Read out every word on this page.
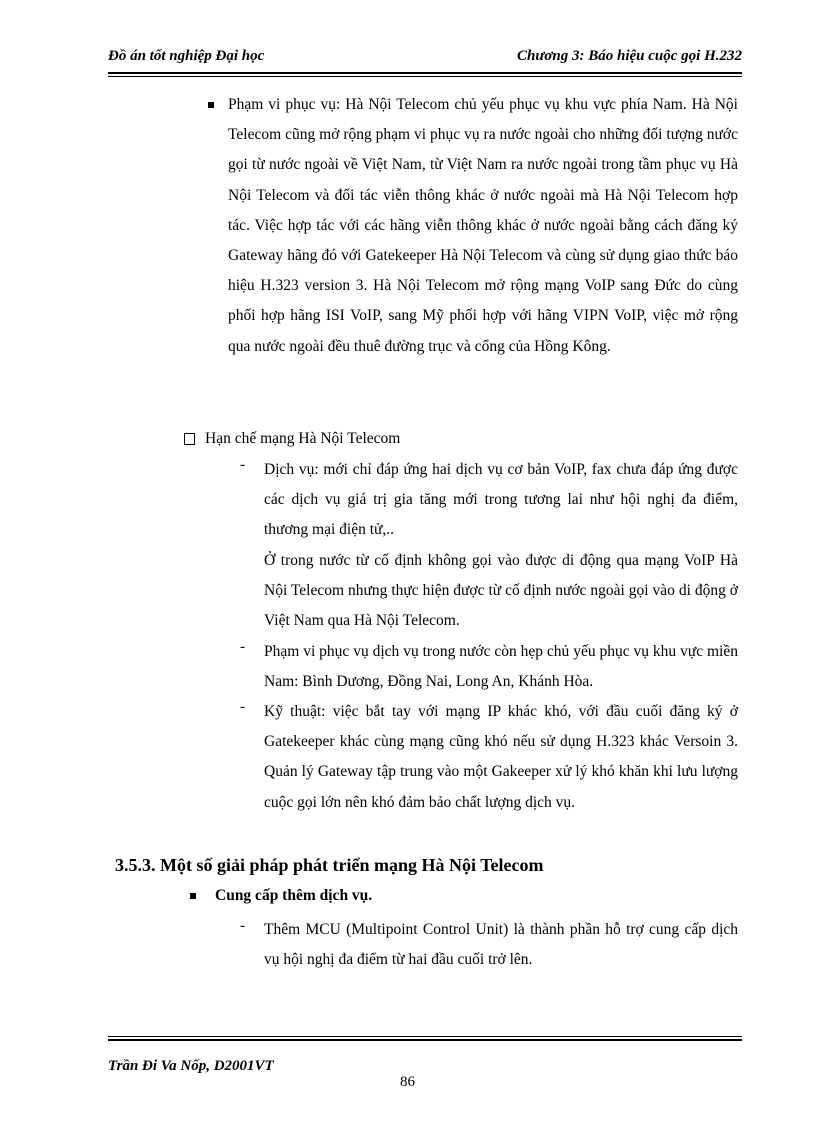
Đồ án tốt nghiệp Đại học	Chương 3: Báo hiệu cuộc gọi H.232
Phạm vi phục vụ: Hà Nội Telecom chủ yếu phục vụ khu vực phía Nam. Hà Nội Telecom cũng mở rộng phạm vi phục vụ ra nước ngoài cho những đối tượng nước gọi từ nước ngoài về Việt Nam, từ Việt Nam ra nước ngoài trong tầm phục vụ Hà Nội Telecom và đối tác viễn thông khác ở nước ngoài mà Hà Nội Telecom hợp tác. Việc hợp tác với các hãng viễn thông khác ở nước ngoài bằng cách đăng ký Gateway hãng đó với Gatekeeper Hà Nội Telecom và cùng sử dụng giao thức báo hiệu H.323 version 3. Hà Nội Telecom mở rộng mạng VoIP sang Đức do cùng phối hợp hãng ISI VoIP, sang Mỹ phối hợp với hãng VIPN VoIP, việc mở rộng qua nước ngoài đều thuê đường trục và cổng của Hồng Kông.
Hạn chế mạng Hà Nội Telecom
- Dịch vụ: mới chỉ đáp ứng hai dịch vụ cơ bản VoIP, fax chưa đáp ứng được các dịch vụ giá trị gia tăng mới trong tương lai như hội nghị đa điểm, thương mại điện tử,..
Ở trong nước từ cố định không gọi vào được di động qua mạng VoIP Hà Nội Telecom nhưng thực hiện được từ cố định nước ngoài gọi vào di động ở Việt Nam qua Hà Nội Telecom.
- Phạm vi phục vụ dịch vụ trong nước còn hẹp chủ yếu phục vụ khu vực miền Nam: Bình Dương, Đồng Nai, Long An, Khánh Hòa.
- Kỹ thuật: việc bắt tay với mạng IP khác khó, với đầu cuối đăng ký ở Gatekeeper khác cùng mạng cũng khó nếu sử dụng H.323 khác Versoin 3. Quản lý Gateway tập trung vào một Gakeeper xử lý khó khăn khi lưu lượng cuộc gọi lớn nên khó đảm bảo chất lượng dịch vụ.
3.5.3. Một số giải pháp phát triển mạng Hà Nội Telecom
Cung cấp thêm dịch vụ.
- Thêm MCU (Multipoint Control Unit) là thành phần hỗ trợ cung cấp dịch vụ hội nghị đa điểm từ hai đầu cuối trở lên.
Trần Đi Va Nốp, D2001VT
86
